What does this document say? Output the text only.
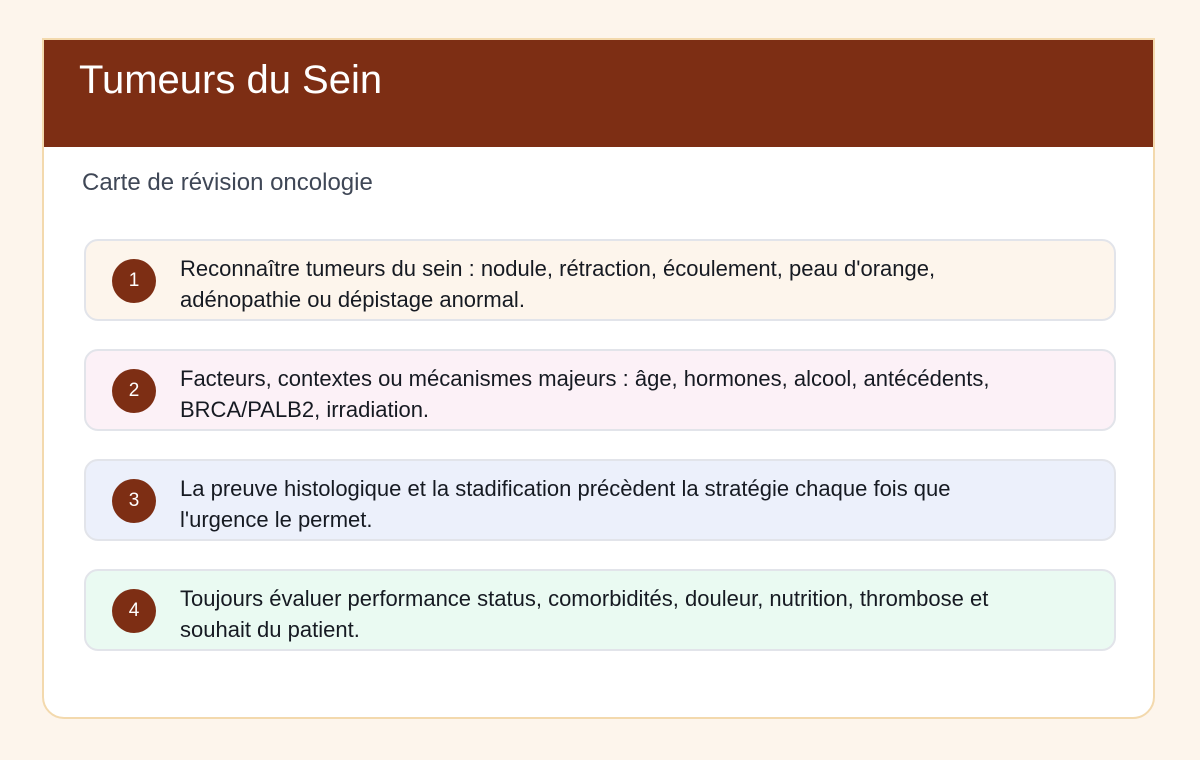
Tumeurs du Sein
Carte de révision oncologie
1	Reconnaître tumeurs du sein : nodule, rétraction, écoulement, peau d'orange, adénopathie ou dépistage anormal.
2	Facteurs, contextes ou mécanismes majeurs : âge, hormones, alcool, antécédents, BRCA/PALB2, irradiation.
3	La preuve histologique et la stadification précèdent la stratégie chaque fois que l'urgence le permet.
4	Toujours évaluer performance status, comorbidités, douleur, nutrition, thrombose et souhait du patient.
